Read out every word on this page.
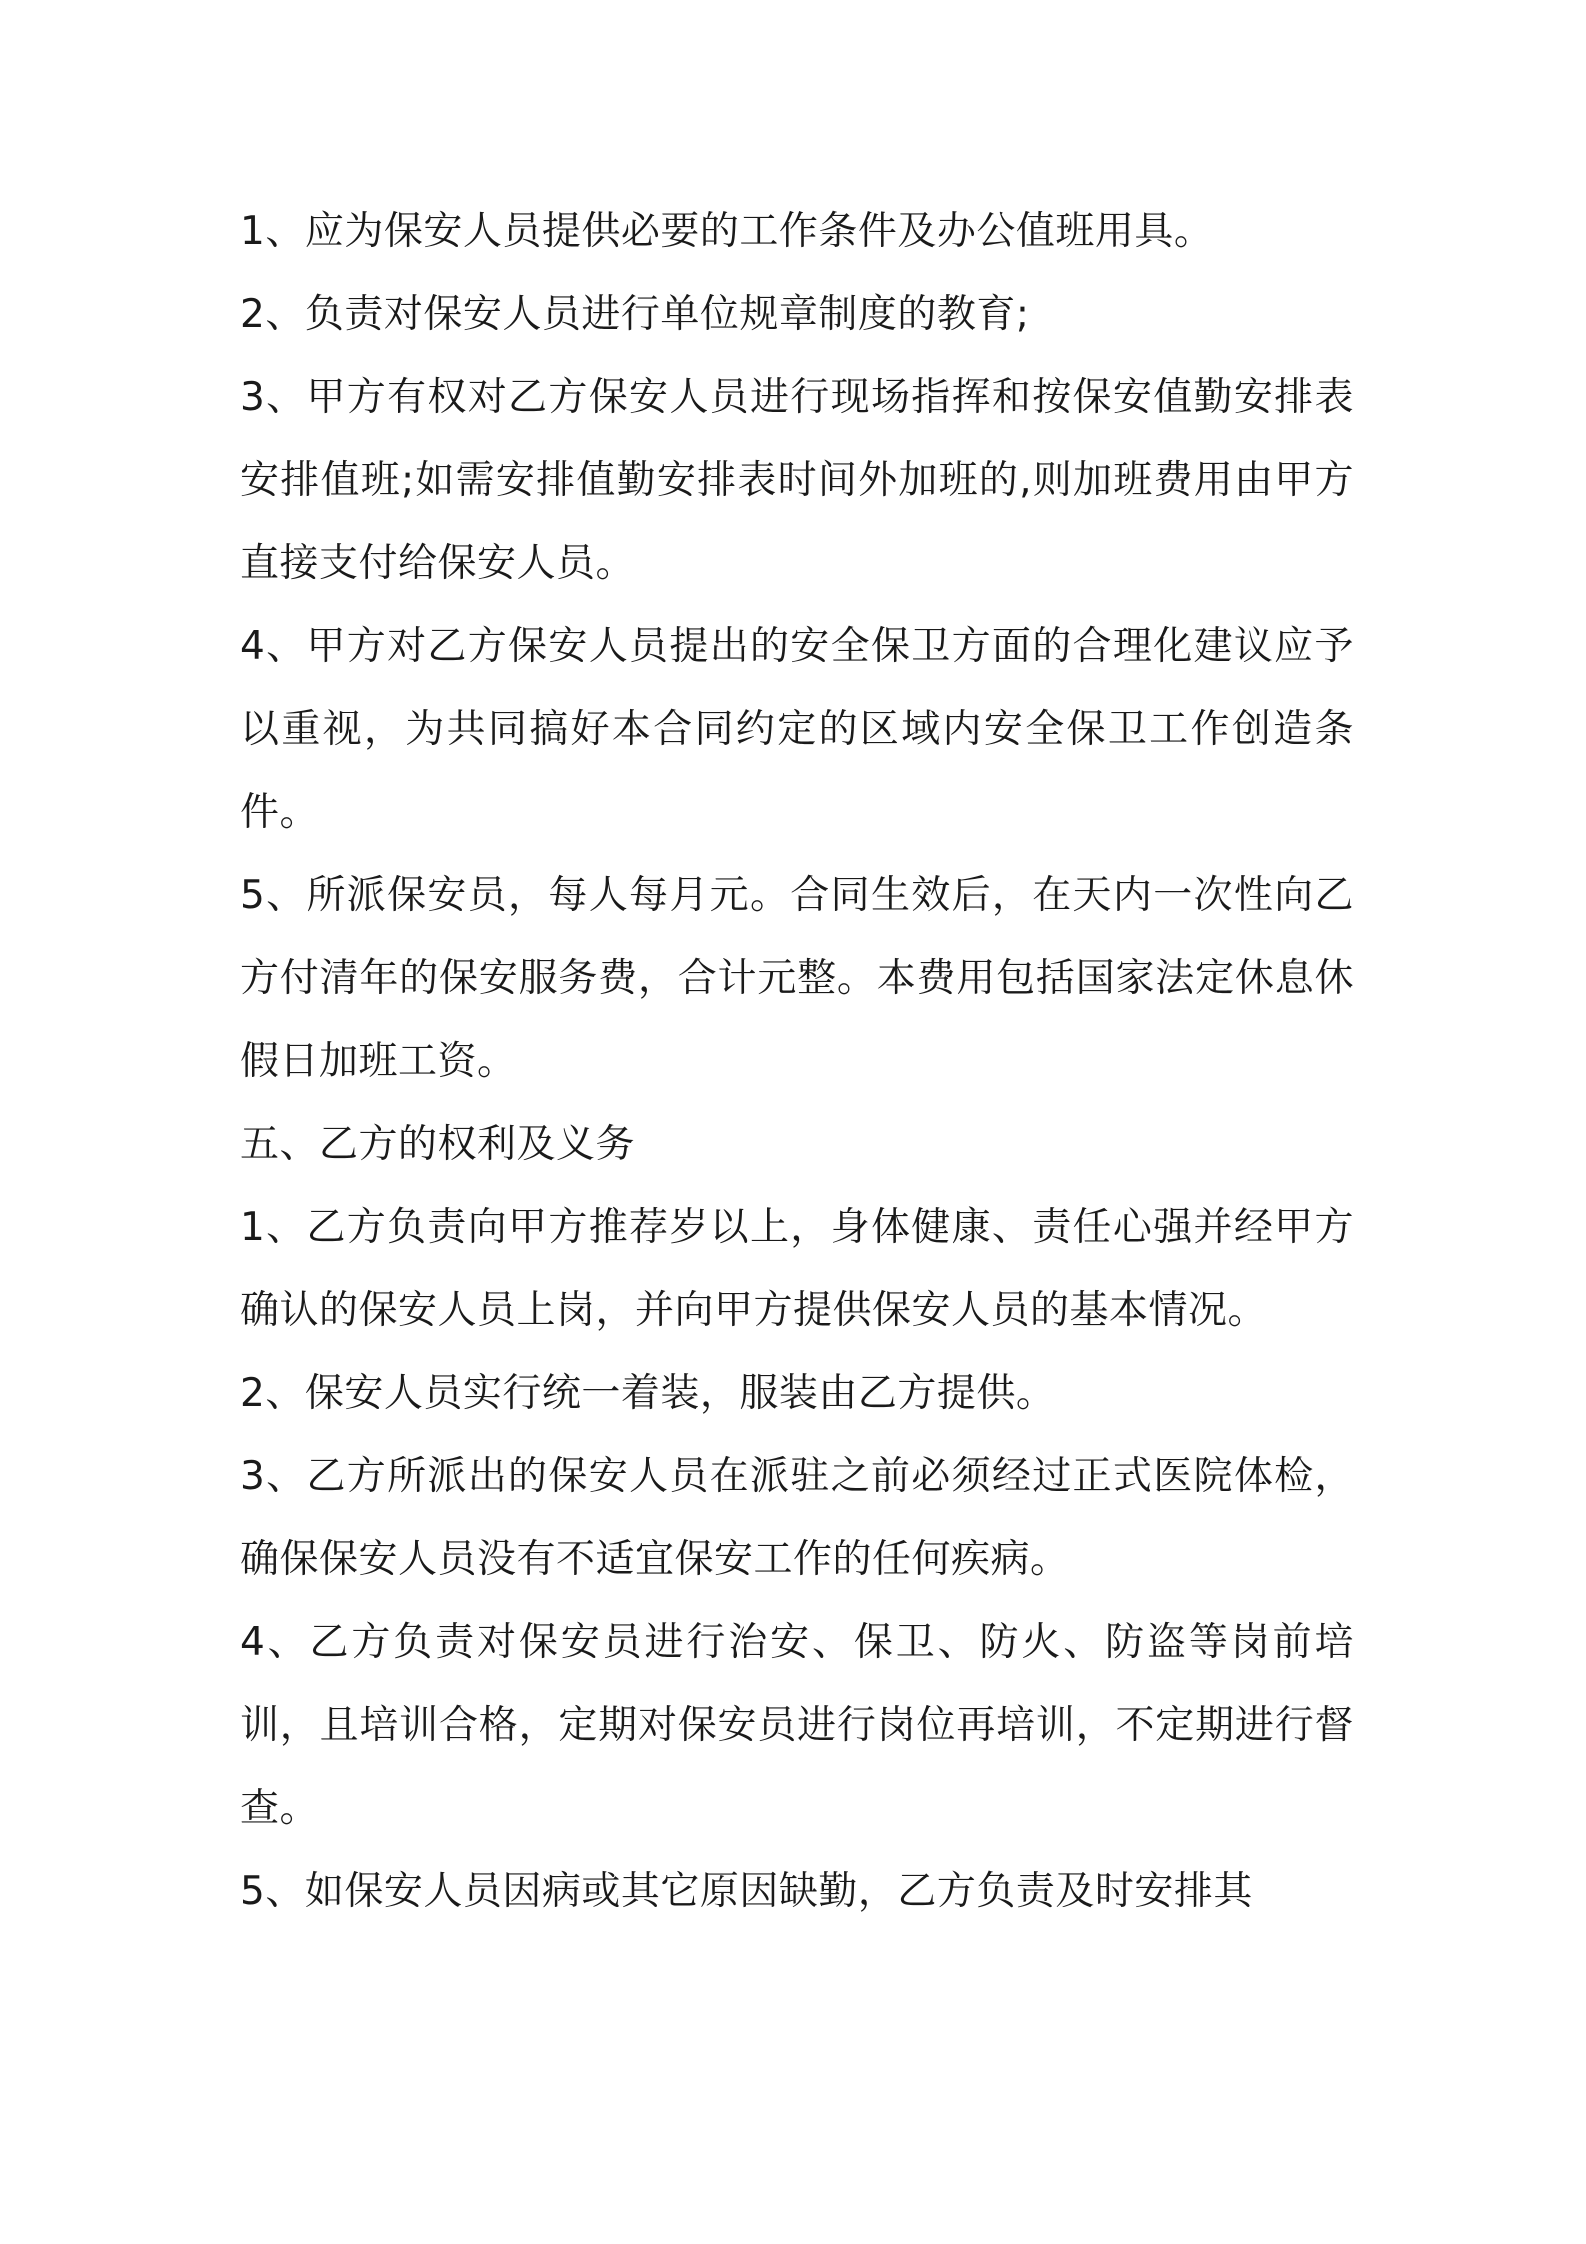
1、应为保安人员提供必要的工作条件及办公值班用具。

2、负责对保安人员进行单位规章制度的教育;

3、甲方有权对乙方保安人员进行现场指挥和按保安值勤安排表安排值班;如需安排值勤安排表时间外加班的,则加班费用由甲方直接支付给保安人员。

4、甲方对乙方保安人员提出的安全保卫方面的合理化建议应予以重视，为共同搞好本合同约定的区域内安全保卫工作创造条件。

5、所派保安员，每人每月元。合同生效后，在天内一次性向乙方付清年的保安服务费，合计元整。本费用包括国家法定休息休假日加班工资。

五、乙方的权利及义务

1、乙方负责向甲方推荐岁以上，身体健康、责任心强并经甲方确认的保安人员上岗，并向甲方提供保安人员的基本情况。

2、保安人员实行统一着装，服装由乙方提供。

3、乙方所派出的保安人员在派驻之前必须经过正式医院体检，确保保安人员没有不适宜保安工作的任何疾病。

4、乙方负责对保安员进行治安、保卫、防火、防盗等岗前培训，且培训合格，定期对保安员进行岗位再培训，不定期进行督查。

5、如保安人员因病或其它原因缺勤，乙方负责及时安排其
